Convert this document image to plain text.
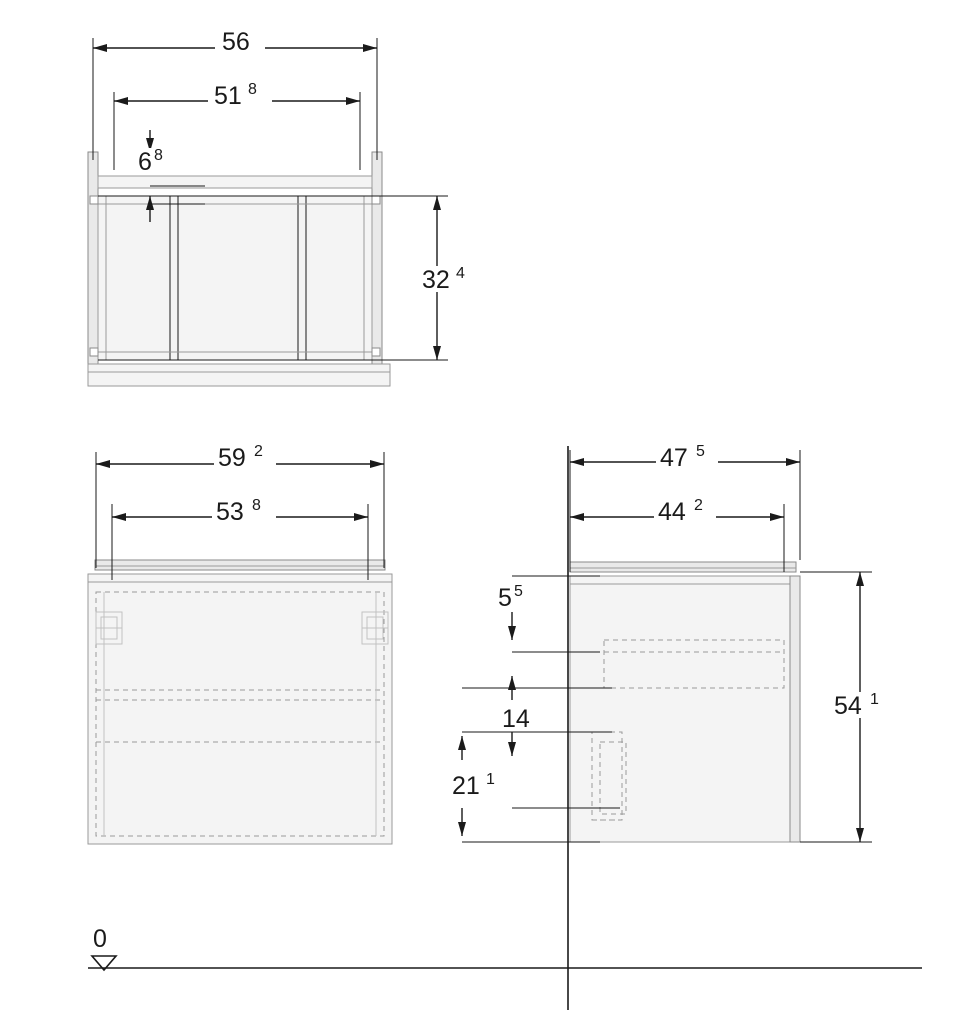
56
51 8
6 8
32 4
59 2
53 8
0
47 5
44 2
5 5
14
21 1
54 1
